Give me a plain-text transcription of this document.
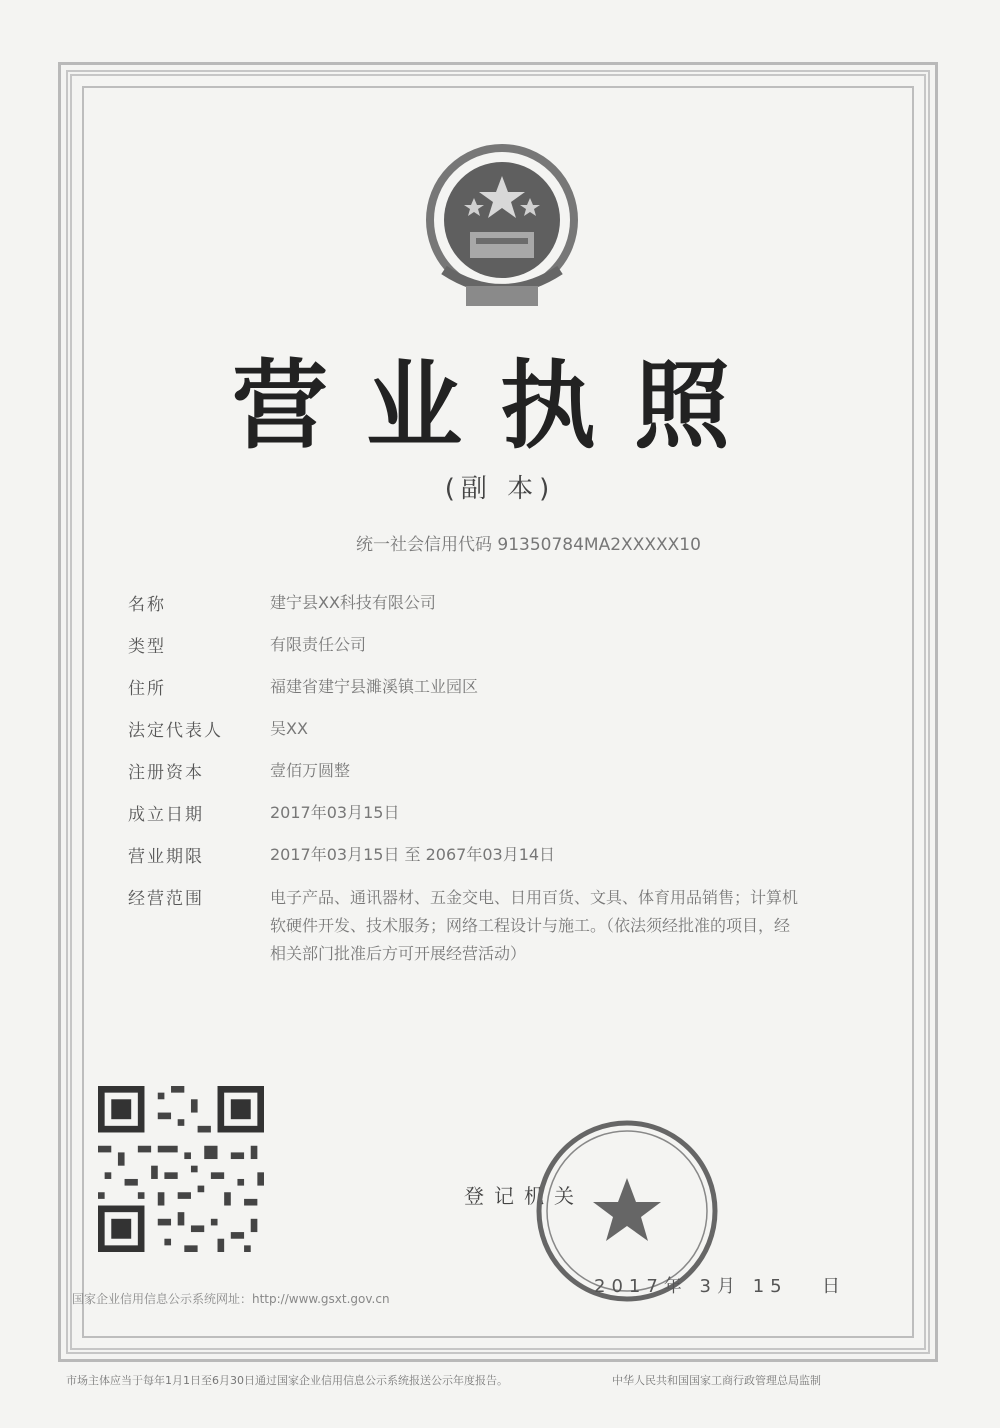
营业执照
(副 本)
统一社会信用代码 91350784MA2XXXXX10
名称	建宁县XX科技有限公司
类型	有限责任公司
住所	福建省建宁县濉溪镇工业园区
法定代表人	吴XX
注册资本	壹佰万圆整
成立日期	2017年03月15日
营业期限	2017年03月15日 至 2067年03月14日
经营范围	电子产品、通讯器材、五金交电、日用百货、文具、体育用品销售；计算机软硬件开发、技术服务；网络工程设计与施工。（依法须经批准的项目，经相关部门批准后方可开展经营活动）
登记机关
2017年 3月 15 日
国家企业信用信息公示系统网址：http://www.gsxt.gov.cn
市场主体应当于每年1月1日至6月30日通过国家企业信用信息公示系统报送公示年度报告。	中华人民共和国国家工商行政管理总局监制
